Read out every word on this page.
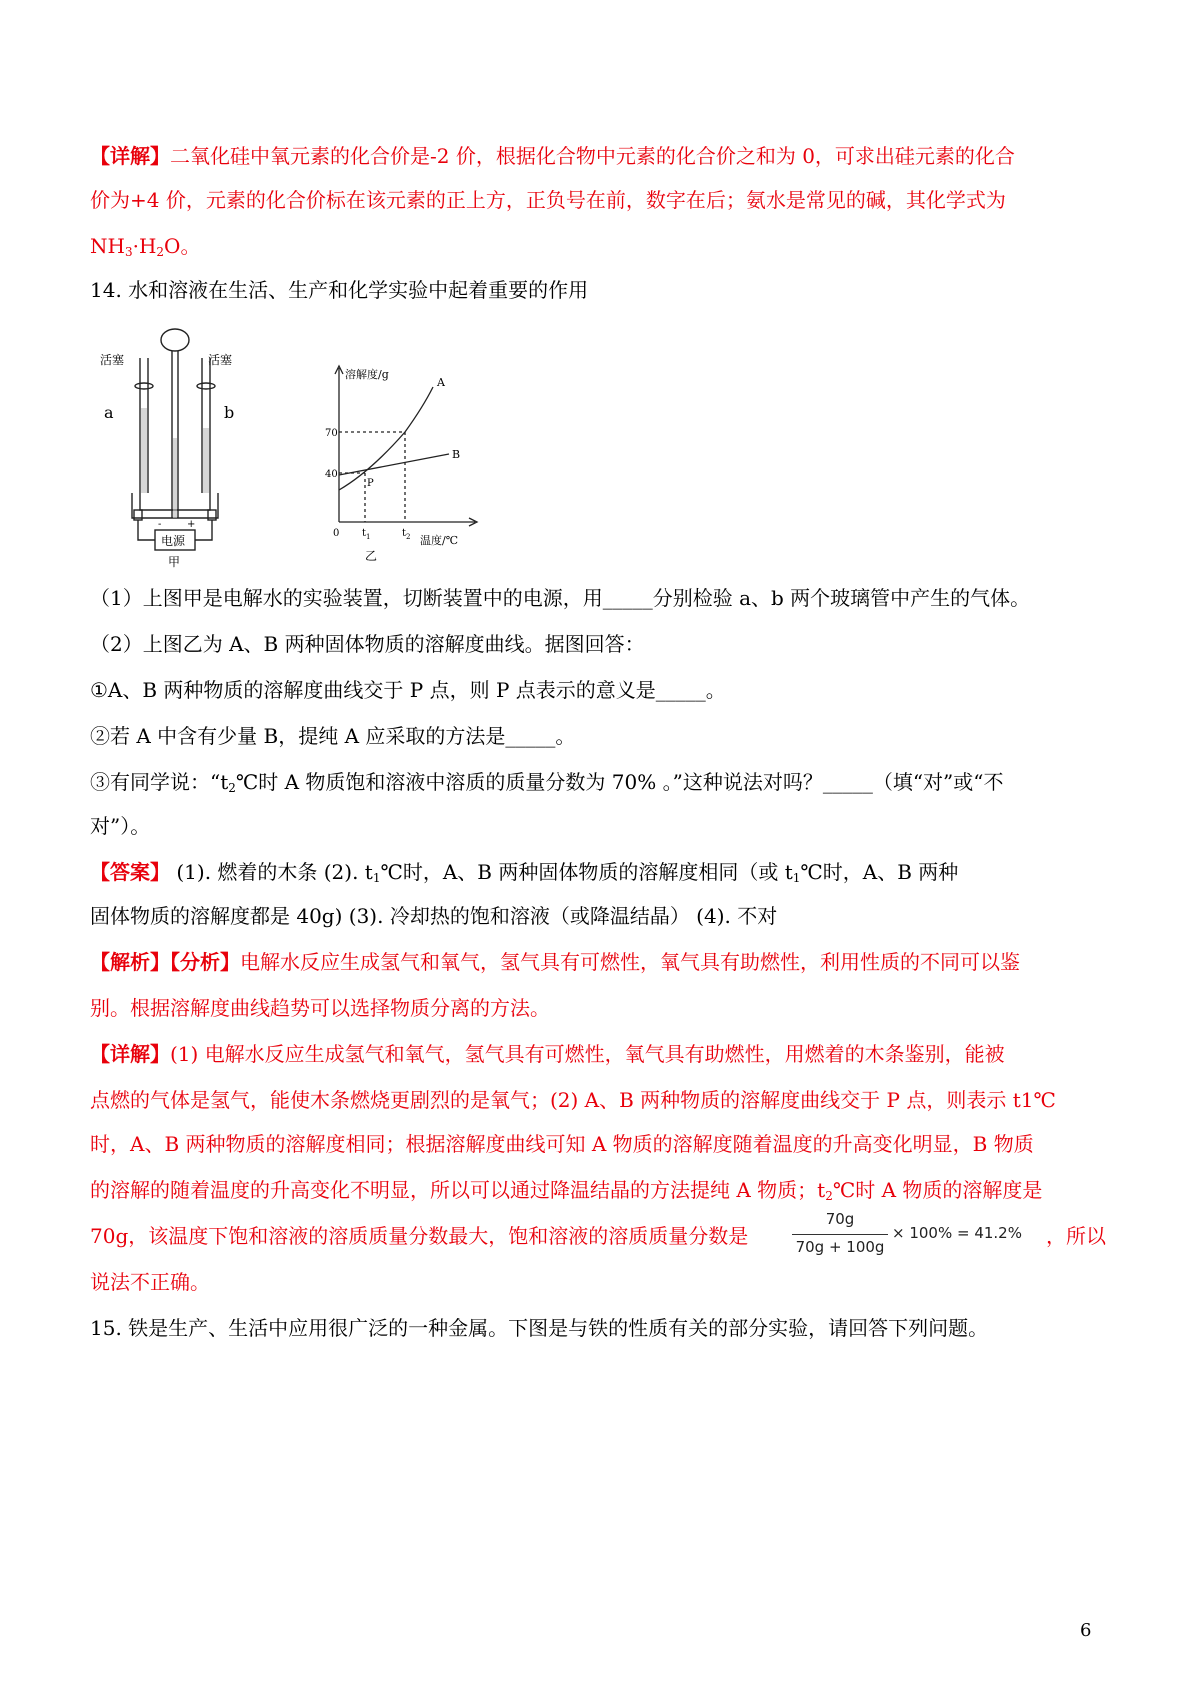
【详解】二氧化硅中氧元素的化合价是-2 价，根据化合物中元素的化合价之和为 0，可求出硅元素的化合
价为+4 价，元素的化合价标在该元素的正上方，正负号在前，数字在后；氨水是常见的碱，其化学式为
$NH_3\cdot H_2O$。
14. 水和溶液在生活、生产和化学实验中起着重要的作用
活塞	活塞
a	b
电源
-	+
甲
溶解度/g
A
B
P
70
40
0 $t_1$	$t_2$ 温度/℃
乙
（1）上图甲是电解水的实验装置，切断装置中的电源，用_____分别检验 a、b 两个玻璃管中产生的气体。
（2）上图乙为 A、B 两种固体物质的溶解度曲线。据图回答：
①A、B 两种物质的溶解度曲线交于 P 点，则 P 点表示的意义是_____。
②若 A 中含有少量 B，提纯 A 应采取的方法是_____。
③有同学说：“$t_2℃$时 A 物质饱和溶液中溶质的质量分数为 70% 。”这种说法对吗？_____（填“对”或“不
对”）。
【答案】 (1). 燃着的木条 (2). $t_1℃$时，A、B 两种固体物质的溶解度相同（或 $t_1℃$时，A、B 两种
固体物质的溶解度都是 40g) (3). 冷却热的饱和溶液（或降温结晶） (4). 不对
【解析】【分析】电解水反应生成氢气和氧气，氢气具有可燃性，氧气具有助燃性，利用性质的不同可以鉴
别。根据溶解度曲线趋势可以选择物质分离的方法。
【详解】(1) 电解水反应生成氢气和氧气，氢气具有可燃性，氧气具有助燃性，用燃着的木条鉴别，能被
点燃的气体是氢气，能使木条燃烧更剧烈的是氧气；(2) A、B 两种物质的溶解度曲线交于 P 点，则表示 t1℃
时，A、B 两种物质的溶解度相同；根据溶解度曲线可知 A 物质的溶解度随着温度的升高变化明显，B 物质
的溶解的随着温度的升高变化不明显，所以可以通过降温结晶的方法提纯 A 物质；$t_2℃$时 A 物质的溶解度是
70g，该温度下饱和溶液的溶质质量分数最大，饱和溶液的溶质质量分数是
70g
70g + 100g
× 100% = 41.2% ，所以
说法不正确。
15. 铁是生产、生活中应用很广泛的一种金属。下图是与铁的性质有关的部分实验，请回答下列问题。
6
